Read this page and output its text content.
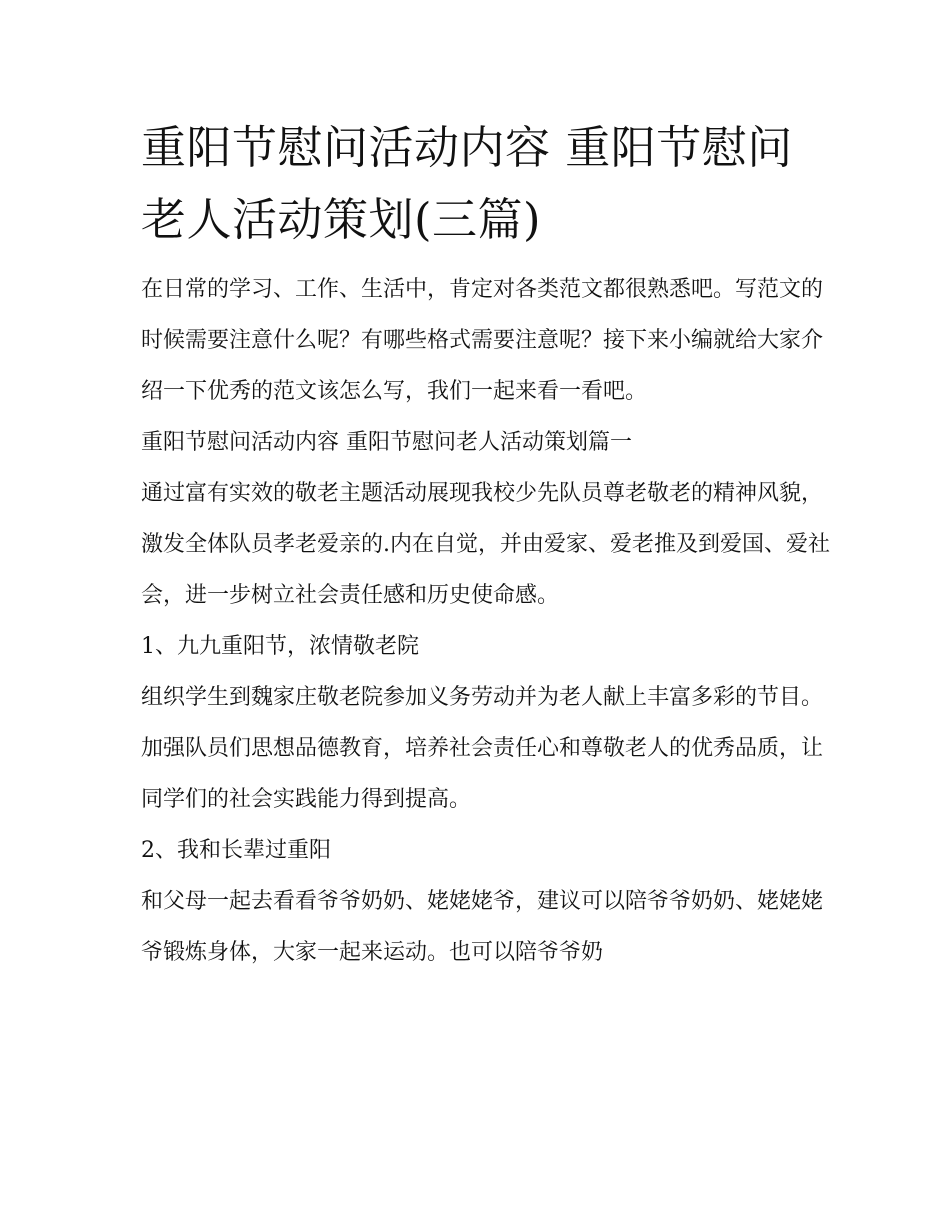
重阳节慰问活动内容 重阳节慰问老人活动策划(三篇)

在日常的学习、工作、生活中，肯定对各类范文都很熟悉吧。写范文的时候需要注意什么呢？有哪些格式需要注意呢？接下来小编就给大家介绍一下优秀的范文该怎么写，我们一起来看一看吧。

重阳节慰问活动内容 重阳节慰问老人活动策划篇一

通过富有实效的敬老主题活动展现我校少先队员尊老敬老的精神风貌，激发全体队员孝老爱亲的.内在自觉，并由爱家、爱老推及到爱国、爱社会，进一步树立社会责任感和历史使命感。

1、九九重阳节，浓情敬老院

组织学生到魏家庄敬老院参加义务劳动并为老人献上丰富多彩的节目。加强队员们思想品德教育，培养社会责任心和尊敬老人的优秀品质，让同学们的社会实践能力得到提高。

2、我和长辈过重阳

和父母一起去看看爷爷奶奶、姥姥姥爷，建议可以陪爷爷奶奶、姥姥姥爷锻炼身体，大家一起来运动。也可以陪爷爷奶
